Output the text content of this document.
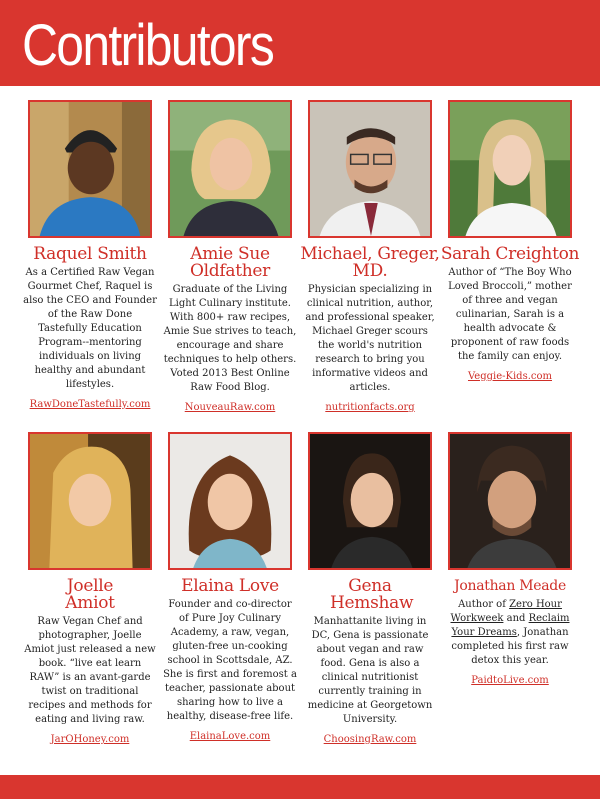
Contributors
Raquel Smith
As a Certified Raw Vegan Gourmet Chef, Raquel is also the CEO and Founder of the Raw Done Tastefully Education Program--mentoring individuals on living healthy and abundant lifestyles.
RawDoneTastefully.com
Amie Sue Oldfather
Graduate of the Living Light Culinary institute. With 800+ raw recipes, Amie Sue strives to teach, encourage and share techniques to help others. Voted 2013 Best Online Raw Food Blog.
NouveauRaw.com
Michael, Greger, MD.
Physician specializing in clinical nutrition, author, and professional speaker, Michael Greger scours the world's nutrition research to bring you informative videos and articles.
nutritionfacts.org
Sarah Creighton
Author of “The Boy Who Loved Broccoli,” mother of three and vegan culinarian, Sarah is a health advocate & proponent of raw foods the family can enjoy.
Veggie-Kids.com
Joelle Amiot
Raw Vegan Chef and photographer, Joelle Amiot just released a new book. “live eat learn RAW” is an avant-garde twist on traditional recipes and methods for eating and living raw.
JarOHoney.com
Elaina Love
Founder and co-director of Pure Joy Culinary Academy, a raw, vegan, gluten-free un-cooking school in Scottsdale, AZ. She is first and foremost a teacher, passionate about sharing how to live a healthy, disease-free life.
ElainaLove.com
Gena Hemshaw
Manhattanite living in DC, Gena is passionate about vegan and raw food. Gena is also a clinical nutritionist currently training in medicine at Georgetown University.
ChoosingRaw.com
Jonathan Meade
Author of Zero Hour Workweek and Reclaim Your Dreams, Jonathan completed his first raw detox this year.
PaidtoLive.com
